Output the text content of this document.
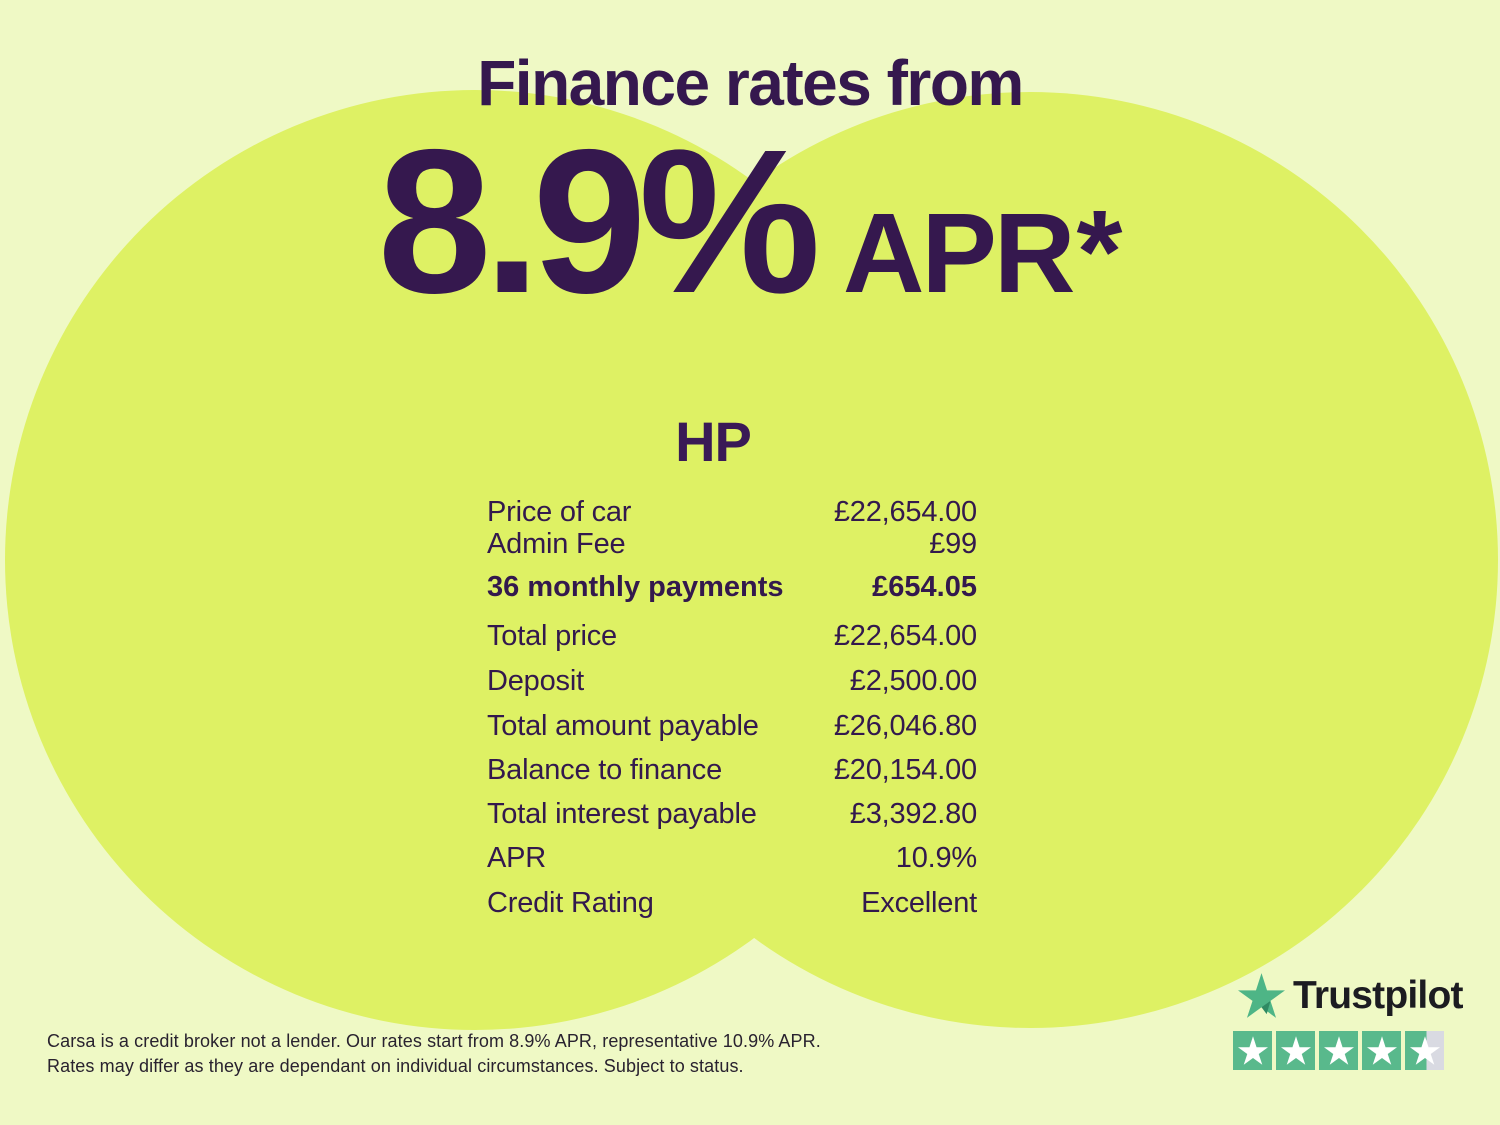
Finance rates from
8.9% APR *
HP
Price of car	£22,654.00
Admin Fee	£99
36 monthly payments	£654.05
Total price	£22,654.00
Deposit	£2,500.00
Total amount payable	£26,046.80
Balance to finance	£20,154.00
Total interest payable	£3,392.80
APR	10.9%
Credit Rating	Excellent
Trustpilot
Carsa is a credit broker not a lender. Our rates start from 8.9% APR, representative 10.9% APR.
Rates may differ as they are dependant on individual circumstances. Subject to status.
